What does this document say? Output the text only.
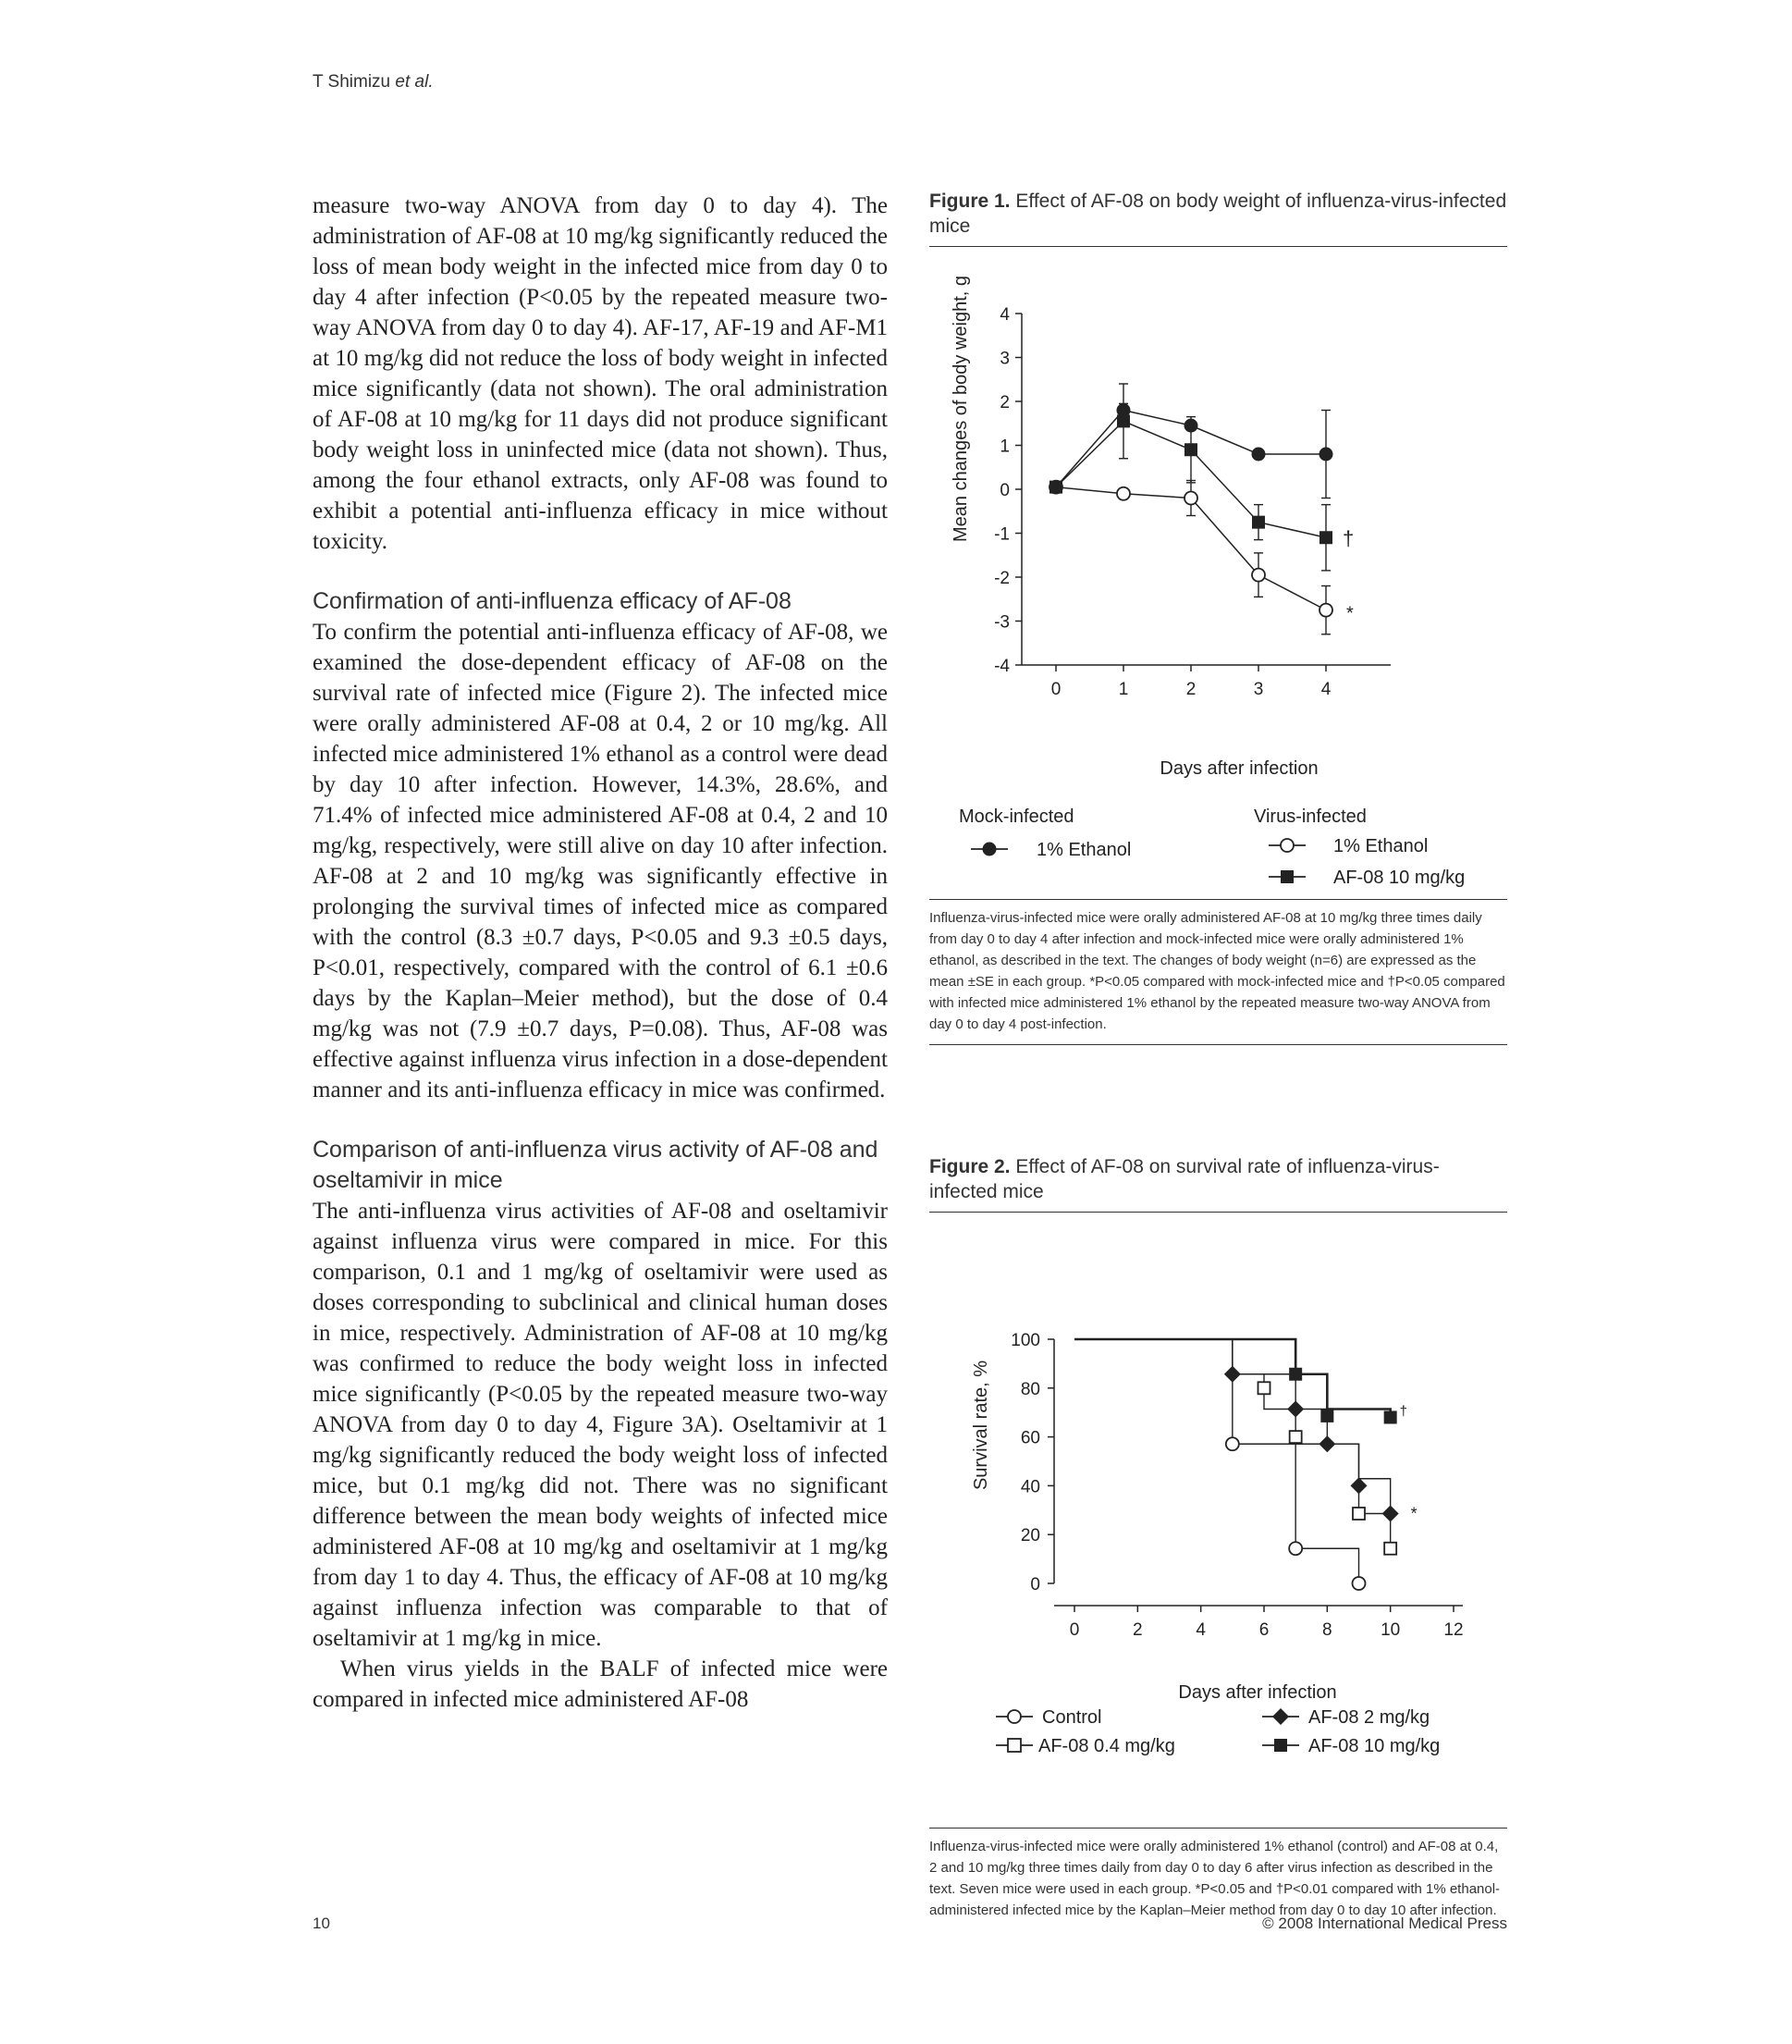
T Shimizu et al.

measure two-way ANOVA from day 0 to day 4). The administration of AF-08 at 10 mg/kg significantly reduced the loss of mean body weight in the infected mice from day 0 to day 4 after infection (P<0.05 by the repeated measure two-way ANOVA from day 0 to day 4). AF-17, AF-19 and AF-M1 at 10 mg/kg did not reduce the loss of body weight in infected mice significantly (data not shown). The oral administration of AF-08 at 10 mg/kg for 11 days did not produce significant body weight loss in uninfected mice (data not shown). Thus, among the four ethanol extracts, only AF-08 was found to exhibit a potential anti-influenza efficacy in mice without toxicity.

Confirmation of anti-influenza efficacy of AF-08

To confirm the potential anti-influenza efficacy of AF-08, we examined the dose-dependent efficacy of AF-08 on the survival rate of infected mice (Figure 2). The infected mice were orally administered AF-08 at 0.4, 2 or 10 mg/kg. All infected mice administered 1% ethanol as a control were dead by day 10 after infection. However, 14.3%, 28.6%, and 71.4% of infected mice administered AF-08 at 0.4, 2 and 10 mg/kg, respectively, were still alive on day 10 after infection. AF-08 at 2 and 10 mg/kg was significantly effective in prolonging the survival times of infected mice as compared with the control (8.3 ±0.7 days, P<0.05 and 9.3 ±0.5 days, P<0.01, respectively, compared with the control of 6.1 ±0.6 days by the Kaplan–Meier method), but the dose of 0.4 mg/kg was not (7.9 ±0.7 days, P=0.08). Thus, AF-08 was effective against influenza virus infection in a dose-dependent manner and its anti-influenza efficacy in mice was confirmed.

Comparison of anti-influenza virus activity of AF-08 and oseltamivir in mice

The anti-influenza virus activities of AF-08 and oseltamivir against influenza virus were compared in mice. For this comparison, 0.1 and 1 mg/kg of oseltamivir were used as doses corresponding to subclinical and clinical human doses in mice, respectively. Administration of AF-08 at 10 mg/kg was confirmed to reduce the body weight loss in infected mice significantly (P<0.05 by the repeated measure two-way ANOVA from day 0 to day 4, Figure 3A). Oseltamivir at 1 mg/kg significantly reduced the body weight loss of infected mice, but 0.1 mg/kg did not. There was no significant difference between the mean body weights of infected mice administered AF-08 at 10 mg/kg and oseltamivir at 1 mg/kg from day 1 to day 4. Thus, the efficacy of AF-08 at 10 mg/kg against influenza infection was comparable to that of oseltamivir at 1 mg/kg in mice.

When virus yields in the BALF of infected mice were compared in infected mice administered AF-08

Figure 1. Effect of AF-08 on body weight of influenza-virus-infected mice
Mean changes of body weight, g
Days after infection
4
3
2
1
0
-1
-2
-3
-4
0	1	2	3	4
†
*
Mock-infected
1% Ethanol
Virus-infected
1% Ethanol
AF-08 10 mg/kg
Influenza-virus-infected mice were orally administered AF-08 at 10 mg/kg three times daily from day 0 to day 4 after infection and mock-infected mice were orally administered 1% ethanol, as described in the text. The changes of body weight (n=6) are expressed as the mean ±SE in each group. *P<0.05 compared with mock-infected mice and †P<0.05 compared with infected mice administered 1% ethanol by the repeated measure two-way ANOVA from day 0 to day 4 post-infection.
Figure 2. Effect of AF-08 on survival rate of influenza-virus-infected mice
Survival rate, %
Days after infection
100
80
60
40
20
0
0	2	4	6	8	10 12
†
*
Control
AF-08 0.4 mg/kg
AF-08 2 mg/kg
AF-08 10 mg/kg
Influenza-virus-infected mice were orally administered 1% ethanol (control) and AF-08 at 0.4, 2 and 10 mg/kg three times daily from day 0 to day 6 after virus infection as described in the text. Seven mice were used in each group. *P<0.05 and †P<0.01 compared with 1% ethanol-administered infected mice by the Kaplan–Meier method from day 0 to day 10 after infection.
10	© 2008 International Medical Press
